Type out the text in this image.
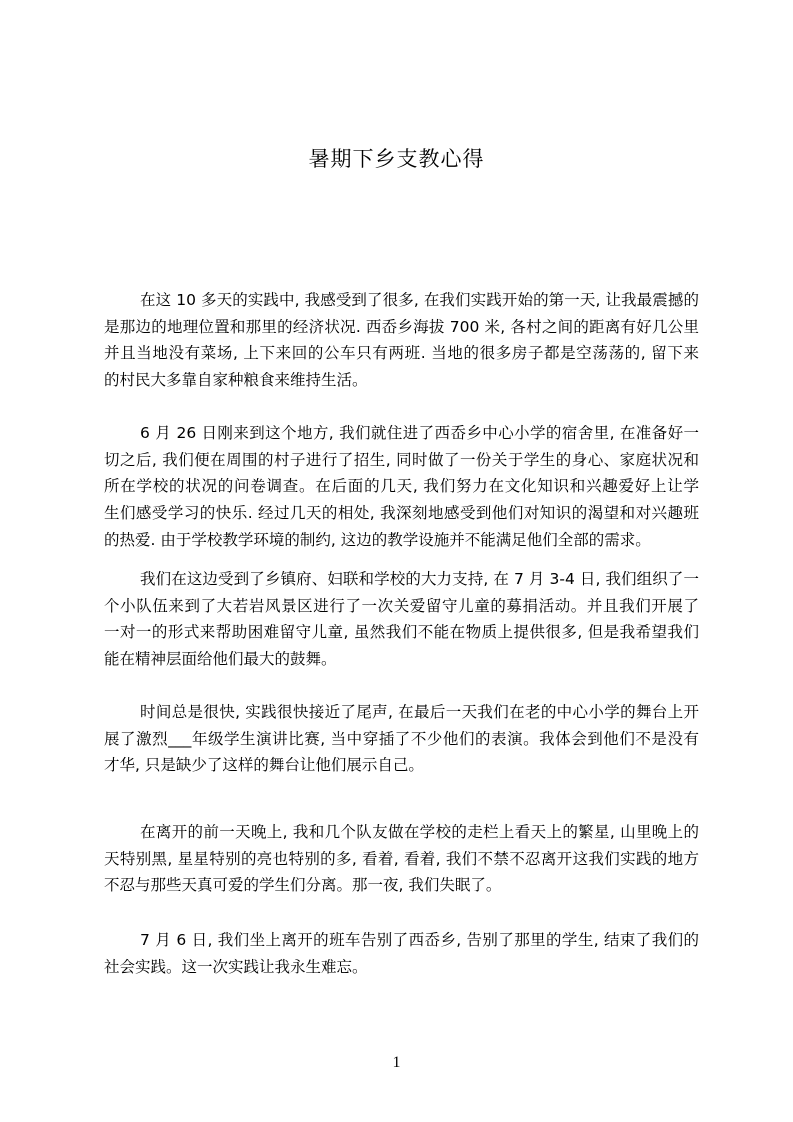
暑期下乡支教心得
在这 10 多天的实践中, 我感受到了很多, 在我们实践开始的第一天, 让我最震撼的
是那边的地理位置和那里的经济状况. 西岙乡海拔 700 米, 各村之间的距离有好几公里
并且当地没有菜场, 上下来回的公车只有两班. 当地的很多房子都是空荡荡的, 留下来
的村民大多靠自家种粮食来维持生活。
6 月 26 日刚来到这个地方, 我们就住进了西岙乡中心小学的宿舍里, 在准备好一
切之后, 我们便在周围的村子进行了招生, 同时做了一份关于学生的身心、家庭状况和
所在学校的状况的问卷调查。在后面的几天, 我们努力在文化知识和兴趣爱好上让学
生们感受学习的快乐. 经过几天的相处, 我深刻地感受到他们对知识的渴望和对兴趣班
的热爱. 由于学校教学环境的制约, 这边的教学设施并不能满足他们全部的需求。
我们在这边受到了乡镇府、妇联和学校的大力支持, 在 7 月 3-4 日, 我们组织了一
个小队伍来到了大若岩风景区进行了一次关爱留守儿童的募捐活动。并且我们开展了
一对一的形式来帮助困难留守儿童, 虽然我们不能在物质上提供很多, 但是我希望我们
能在精神层面给他们最大的鼓舞。
时间总是很快, 实践很快接近了尾声, 在最后一天我们在老的中心小学的舞台上开
展了激烈___年级学生演讲比赛, 当中穿插了不少他们的表演。我体会到他们不是没有
才华, 只是缺少了这样的舞台让他们展示自己。
在离开的前一天晚上, 我和几个队友做在学校的走栏上看天上的繁星, 山里晚上的
天特别黑, 星星特别的亮也特别的多, 看着, 看着, 我们不禁不忍离开这我们实践的地方
不忍与那些天真可爱的学生们分离。那一夜, 我们失眠了。
7 月 6 日, 我们坐上离开的班车告别了西岙乡, 告别了那里的学生, 结束了我们的
社会实践。这一次实践让我永生难忘。
1
